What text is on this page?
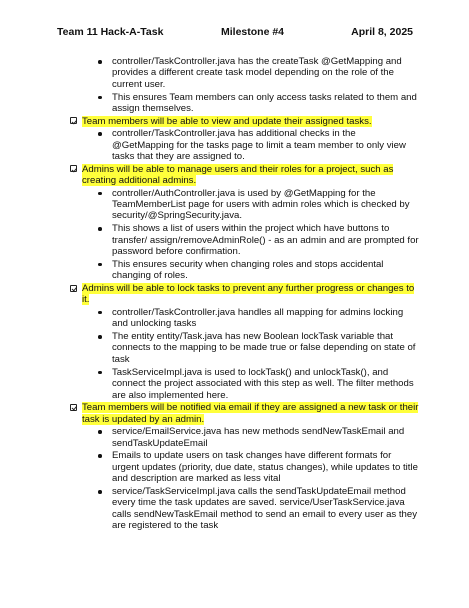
Team 11 Hack-A-Task	Milestone #4	April 8, 2025
controller/TaskController.java has the createTask @GetMapping and provides a different create task model depending on the role of the current user.
This ensures Team members can only access tasks related to them and assign themselves.
Team members will be able to view and update their assigned tasks.
controller/TaskController.java has additional checks in the @GetMapping for the tasks page to limit a team member to only view tasks that they are assigned to.
Admins will be able to manage users and their roles for a project, such as creating additional admins.
controller/AuthController.java is used by @GetMapping for the TeamMemberList page for users with admin roles which is checked by security/@SpringSecurity.java.
This shows a list of users within the project which have buttons to transfer/ assign/removeAdminRole() - as an admin and are prompted for password before confirmation.
This ensures security when changing roles and stops accidental changing of roles.
Admins will be able to lock tasks to prevent any further progress or changes to it.
controller/TaskController.java handles all mapping for admins locking and unlocking tasks
The entity entity/Task.java has new Boolean lockTask variable that connects to the mapping to be made true or false depending on state of task
TaskServiceImpl.java is used to lockTask() and unlockTask(), and connect the project associated with this step as well. The filter methods are also implemented here.
Team members will be notified via email if they are assigned a new task or their task is updated by an admin.
service/EmailService.java has new methods sendNewTaskEmail and sendTaskUpdateEmail
Emails to update users on task changes have different formats for urgent updates (priority, due date, status changes), while updates to title and description are marked as less vital
service/TaskServiceImpl.java calls the sendTaskUpdateEmail method every time the task updates are saved. service/UserTaskService.java calls sendNewTaskEmail method to send an email to every user as they are registered to the task
